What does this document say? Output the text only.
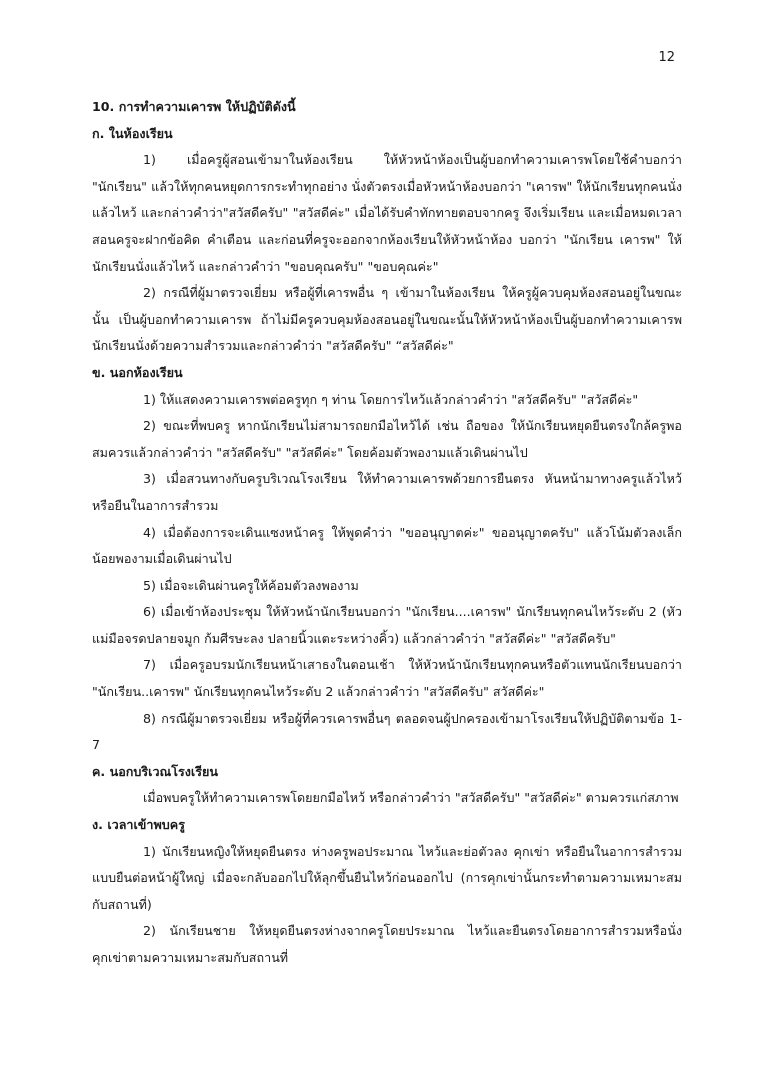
12

10. การทำความเคารพ ให้ปฏิบัติดังนี้

ก. ในห้องเรียน

1) เมื่อครูผู้สอนเข้ามาในห้องเรียน ให้หัวหน้าห้องเป็นผู้บอกทำความเคารพโดยใช้คำบอกว่า "นักเรียน" แล้วให้ทุกคนหยุดการกระทำทุกอย่าง นั่งตัวตรงเมื่อหัวหน้าห้องบอกว่า "เคารพ" ให้นักเรียนทุกคนนั่ง แล้วไหว้ และกล่าวคำว่า"สวัสดีครับ" "สวัสดีค่ะ" เมื่อได้รับคำทักทายตอบจากครู จึงเริ่มเรียน และเมื่อหมดเวลาสอนครูจะฝากข้อคิด คำเตือน และก่อนที่ครูจะออกจากห้องเรียนให้หัวหน้าห้อง บอกว่า "นักเรียน เคารพ" ให้นักเรียนนั่งแล้วไหว้ และกล่าวคำว่า "ขอบคุณครับ" "ขอบคุณค่ะ"

2) กรณีที่ผู้มาตรวจเยี่ยม หรือผู้ที่เคารพอื่น ๆ เข้ามาในห้องเรียน ให้ครูผู้ควบคุมห้องสอนอยู่ในขณะนั้น เป็นผู้บอกทำความเคารพ ถ้าไม่มีครูควบคุมห้องสอนอยู่ในขณะนั้นให้หัวหน้าห้องเป็นผู้บอกทำความเคารพ นักเรียนนั่งด้วยความสำรวมและกล่าวคำว่า "สวัสดีครับ" “สวัสดีค่ะ"

ข. นอกห้องเรียน

1) ให้แสดงความเคารพต่อครูทุก ๆ ท่าน โดยการไหว้แล้วกล่าวคำว่า "สวัสดีครับ" "สวัสดีค่ะ"

2) ขณะที่พบครู หากนักเรียนไม่สามารถยกมือไหว้ได้ เช่น ถือของ ให้นักเรียนหยุดยืนตรงใกล้ครูพอสมควรแล้วกล่าวคำว่า "สวัสดีครับ" "สวัสดีค่ะ" โดยค้อมตัวพองามแล้วเดินผ่านไป

3) เมื่อสวนทางกับครูบริเวณโรงเรียน ให้ทำความเคารพด้วยการยืนตรง หันหน้ามาทางครูแล้วไหว้ หรือยืนในอาการสำรวม

4) เมื่อต้องการจะเดินแซงหน้าครู ให้พูดคำว่า "ขออนุญาตค่ะ" ขออนุญาตครับ" แล้วโน้มตัวลงเล็กน้อยพองามเมื่อเดินผ่านไป

5) เมื่อจะเดินผ่านครูให้ค้อมตัวลงพองาม

6) เมื่อเข้าห้องประชุม ให้หัวหน้านักเรียนบอกว่า "นักเรียน....เคารพ" นักเรียนทุกคนไหว้ระดับ 2 (หัวแม่มือจรดปลายจมูก ก้มศีรษะลง ปลายนิ้วแตะระหว่างคิ้ว) แล้วกล่าวคำว่า "สวัสดีค่ะ" "สวัสดีครับ"

7) เมื่อครูอบรมนักเรียนหน้าเสาธงในตอนเช้า ให้หัวหน้านักเรียนทุกคนหรือตัวแทนนักเรียนบอกว่า "นักเรียน..เคารพ" นักเรียนทุกคนไหว้ระดับ 2 แล้วกล่าวคำว่า "สวัสดีครับ" สวัสดีค่ะ"

8) กรณีผู้มาตรวจเยี่ยม หรือผู้ที่ควรเคารพอื่นๆ ตลอดจนผู้ปกครองเข้ามาโรงเรียนให้ปฏิบัติตามข้อ 1-7

ค. นอกบริเวณโรงเรียน

เมื่อพบครูให้ทำความเคารพโดยยกมือไหว้ หรือกล่าวคำว่า "สวัสดีครับ" "สวัสดีค่ะ" ตามควรแก่สภาพ

ง. เวลาเข้าพบครู

1) นักเรียนหญิงให้หยุดยืนตรง ห่างครูพอประมาณ ไหว้และย่อตัวลง คุกเข่า หรือยืนในอาการสำรวมแบบยืนต่อหน้าผู้ใหญ่ เมื่อจะกลับออกไปให้ลุกขึ้นยืนไหว้ก่อนออกไป (การคุกเข่านั้นกระทำตามความเหมาะสมกับสถานที่)

2) นักเรียนชาย ให้หยุดยืนตรงห่างจากครูโดยประมาณ ไหว้และยืนตรงโดยอาการสำรวมหรือนั่งคุกเข่าตามความเหมาะสมกับสถานที่
